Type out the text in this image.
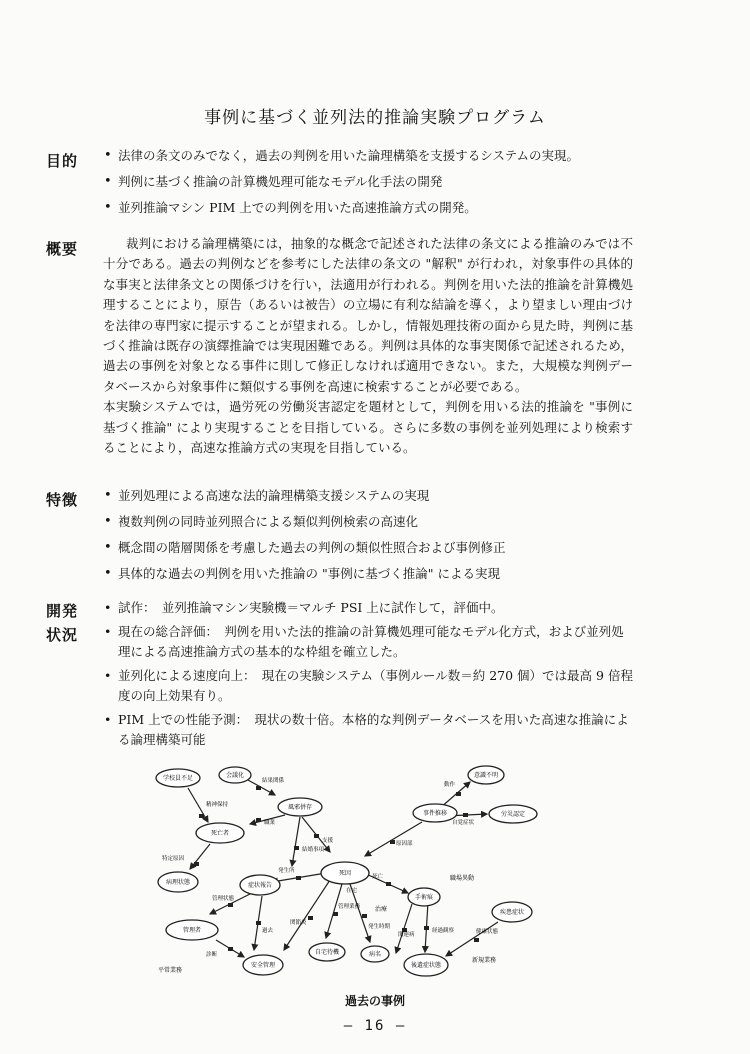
事例に基づく並列法的推論実験プログラム
目的	• 法律の条文のみでなく，過去の判例を用いた論理構築を支援するシステムの実現。
• 判例に基づく推論の計算機処理可能なモデル化手法の開発
• 並列推論マシン PIM 上での判例を用いた高速推論方式の開発。
概要	裁判における論理構築には，抽象的な概念で記述された法律の条文による推論のみでは不十分である。過去の判例などを参考にした法律の条文の "解釈" が行われ，対象事件の具体的な事実と法律条文との関係づけを行い，法適用が行われる。判例を用いた法的推論を計算機処理することにより，原告（あるいは被告）の立場に有利な結論を導く，より望ましい理由づけを法律の専門家に提示することが望まれる。しかし，情報処理技術の面から見た時，判例に基づく推論は既存の演繹推論では実現困難である。判例は具体的な事実関係で記述されるため，過去の事例を対象となる事件に則して修正しなければ適用できない。また，大規模な判例データベースから対象事件に類似する事例を高速に検索することが必要である。

本実験システムでは，過労死の労働災害認定を題材として，判例を用いる法的推論を "事例に基づく推論" により実現することを目指している。さらに多数の事例を並列処理により検索することにより，高速な推論方式の実現を目指している。

特徴	• 並列処理による高速な法的論理構築支援システムの実現
• 複数判例の同時並列照合による類似判例検索の高速化
• 概念間の階層関係を考慮した過去の判例の類似性照合および事例修正
• 具体的な過去の判例を用いた推論の "事例に基づく推論" による実現
開発
状況
• 試作：　並列推論マシン実験機＝マルチ PSI 上に試作して，評価中。
• 現在の総合評価：　判例を用いた法的推論の計算機処理可能なモデル化方式，および並列処理による高速推論方式の基本的な枠組を確立した。
• 並列化による速度向上：　現在の実験システム（事例ルール数＝約 270 個）では最高 9 倍程度の向上効果有り。
• PIM 上での性能予測：　現状の数十倍。本格的な判例データベースを用いた高速な推論による論理構築可能
学校員不足	会議化
風邪併存
死亡者
病理状態	症状報告
死因
事件推移
意識不明
労災認定
管理者
安全管理
自宅待機	病名
手術痕
後遺症状態
疾患症状
平常業務
新規業務
職場異動
治療
精神保持
結果関係
職業
支援
結婚事項
特定原因
原因部
動作
自覚症状
発生所
関節炎
管理業務
発生時期
死亡
関連病
経過観察	健康状態
管理状態
過去
診断
在宅
過去の事例
— 16 —
